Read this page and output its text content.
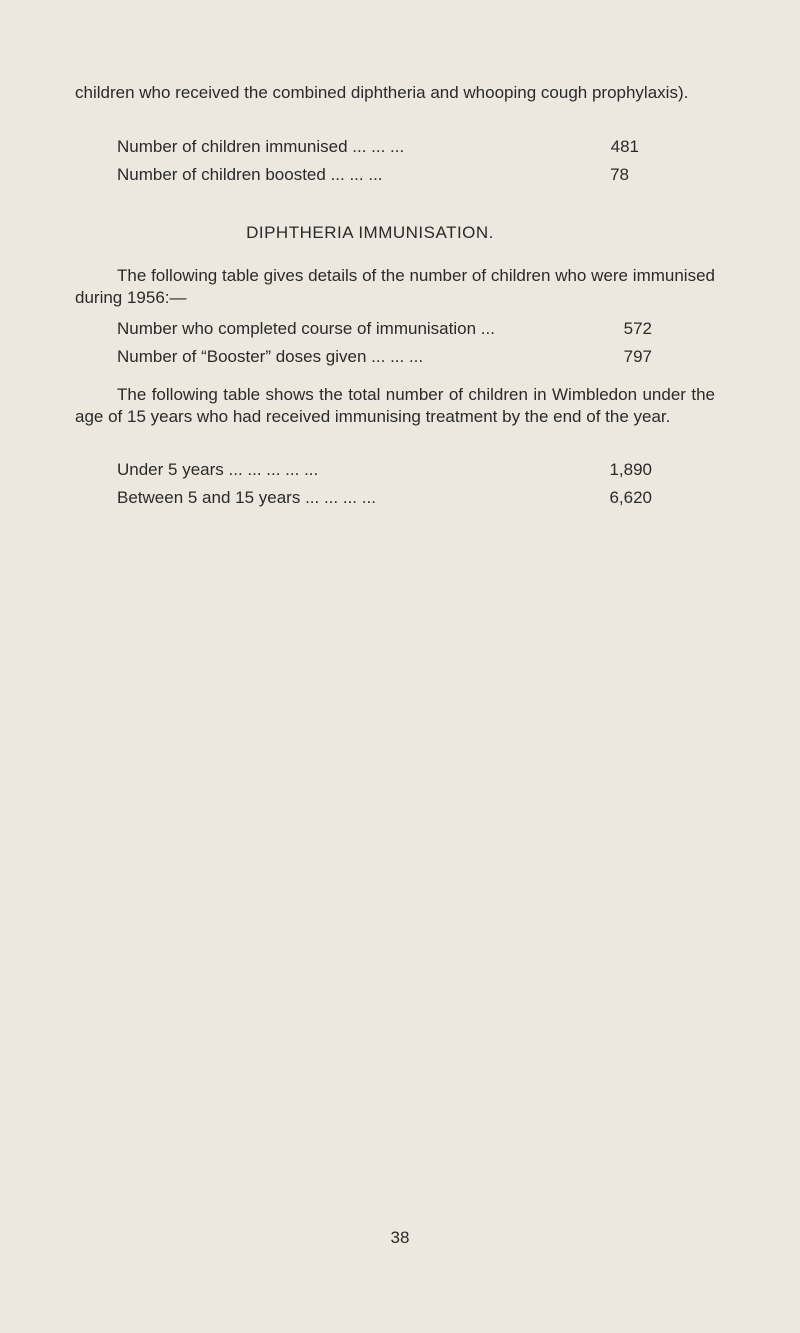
children who received the combined diphtheria and whooping cough prophylaxis).

Number of children immunised ... ... ...	481
Number of children boosted ... ... ...	78
DIPHTHERIA IMMUNISATION.

The following table gives details of the number of children who were immunised during 1956:—

Number who completed course of immunisation ...	572
Number of “Booster” doses given ... ... ...	797

The following table shows the total number of children in Wimbledon under the age of 15 years who had received immunising treatment by the end of the year.

Under 5 years ... ... ... ... ...	1,890
Between 5 and 15 years ... ... ... ...	6,620
38
